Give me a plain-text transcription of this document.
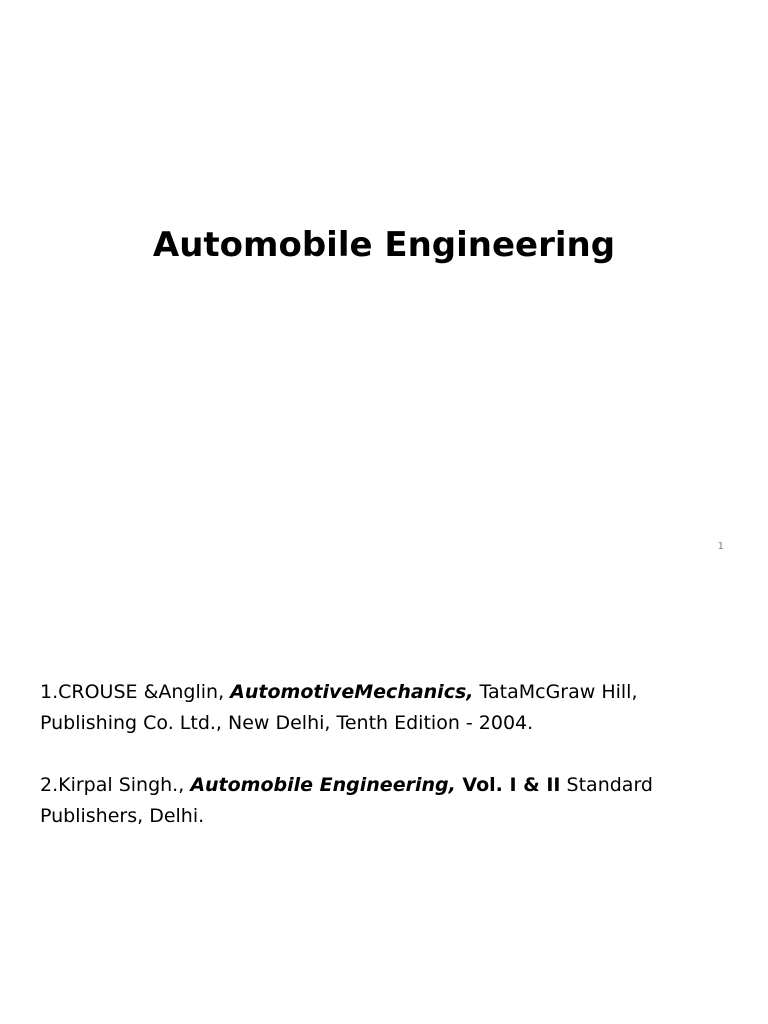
Automobile Engineering
1

1.CROUSE &Anglin, AutomotiveMechanics, TataMcGraw Hill, Publishing Co. Ltd., New Delhi, Tenth Edition - 2004.

2.Kirpal Singh., Automobile Engineering, Vol. I & II Standard Publishers, Delhi.
